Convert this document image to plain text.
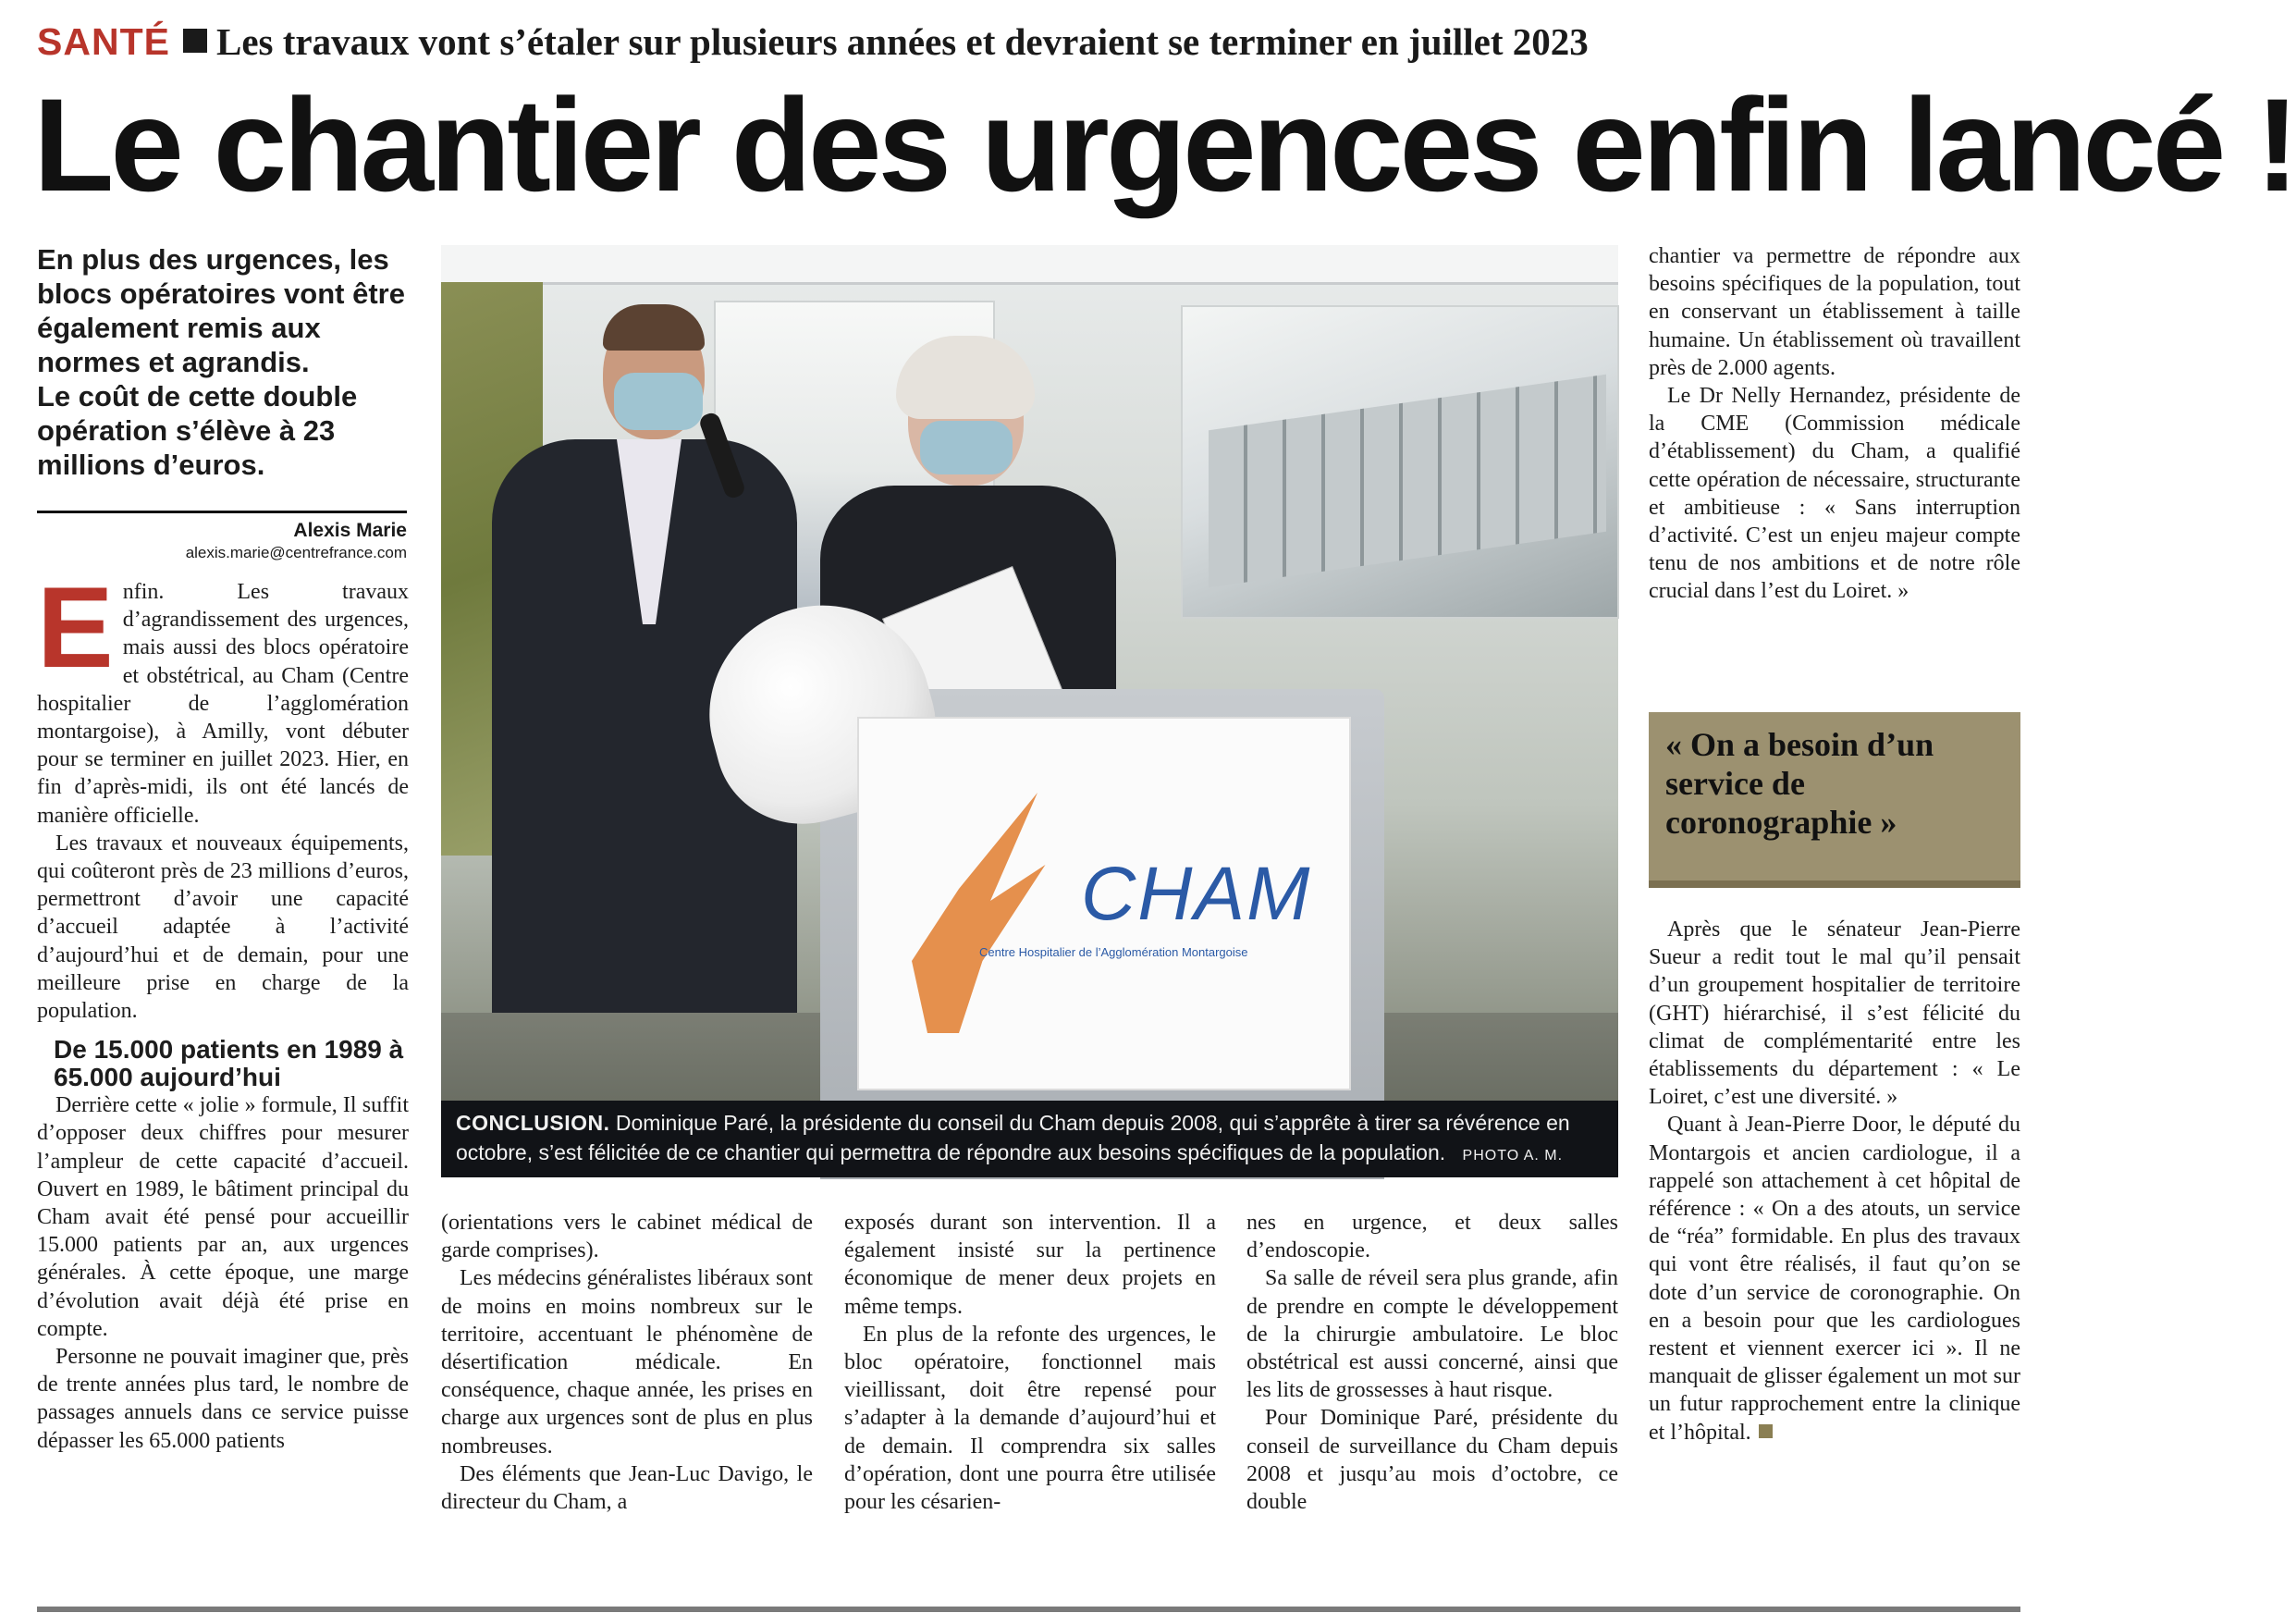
SANTÉ Les travaux vont s’étaler sur plusieurs années et devraient se terminer en juillet 2023
Le chantier des urgences enfin lancé !

En plus des urgences, les blocs opératoires vont être également remis aux normes et agrandis.

Le coût de cette double opération s’élève à 23 millions d’euros.

Alexis Marie
alexis.marie@centrefrance.com

Enfin. Les travaux d’agrandissement des urgences, mais aussi des blocs opératoire et obstétrical, au Cham (Centre hospitalier de l’agglomération montargoise), à Amilly, vont débuter pour se terminer en juillet 2023. Hier, en fin d’après-midi, ils ont été lancés de manière officielle.

Les travaux et nouveaux équipements, qui coûteront près de 23 millions d’euros, permettront d’avoir une capacité d’accueil adaptée à l’activité d’aujourd’hui et de demain, pour une meilleure prise en charge de la population.

De 15.000 patients en 1989 à 65.000 aujourd’hui

Derrière cette « jolie » formule, Il suffit d’opposer deux chiffres pour mesurer l’ampleur de cette capacité d’accueil. Ouvert en 1989, le bâtiment principal du Cham avait été pensé pour accueillir 15.000 patients par an, aux urgences générales. À cette époque, une marge d’évolution avait déjà été prise en compte.

Personne ne pouvait imaginer que, près de trente années plus tard, le nombre de passages annuels dans ce service puisse dépasser les 65.000 patients

CHAM
Centre Hospitalier de l’Agglomération Montargoise
CONCLUSION. Dominique Paré, la présidente du conseil du Cham depuis 2008, qui s’apprête à tirer sa révérence en octobre, s’est félicitée de ce chantier qui permettra de répondre aux besoins spécifiques de la population. PHOTO A. M.

(orientations vers le cabinet médical de garde comprises).

Les médecins généralistes libéraux sont de moins en moins nombreux sur le territoire, accentuant le phénomène de désertification médicale. En conséquence, chaque année, les prises en charge aux urgences sont de plus en plus nombreuses.

Des éléments que Jean-Luc Davigo, le directeur du Cham, a

exposés durant son intervention. Il a également insisté sur la pertinence économique de mener deux projets en même temps.

En plus de la refonte des urgences, le bloc opératoire, fonctionnel mais vieillissant, doit être repensé pour s’adapter à la demande d’aujourd’hui et de demain. Il comprendra six salles d’opération, dont une pourra être utilisée pour les césarien-

nes en urgence, et deux salles d’endoscopie.

Sa salle de réveil sera plus grande, afin de prendre en compte le développement de la chirurgie ambulatoire. Le bloc obstétrical est aussi concerné, ainsi que les lits de grossesses à haut risque.

Pour Dominique Paré, présidente du conseil de surveillance du Cham depuis 2008 et jusqu’au mois d’octobre, ce double

chantier va permettre de répondre aux besoins spécifiques de la population, tout en conservant un établissement à taille humaine. Un établissement où travaillent près de 2.000 agents.

Le Dr Nelly Hernandez, présidente de la CME (Commission médicale d’établissement) du Cham, a qualifié cette opération de nécessaire, structurante et ambitieuse : « Sans interruption d’activité. C’est un enjeu majeur compte tenu de nos ambitions et de notre rôle crucial dans l’est du Loiret. »

« On a besoin d’un service de coronographie »

Après que le sénateur Jean-Pierre Sueur a redit tout le mal qu’il pensait d’un groupement hospitalier de territoire (GHT) hiérarchisé, il s’est félicité du climat de complémentarité entre les établissements du département : « Le Loiret, c’est une diversité. »

Quant à Jean-Pierre Door, le député du Montargois et ancien cardiologue, il a rappelé son attachement à cet hôpital de référence : « On a des atouts, un service de “réa” formidable. En plus des travaux qui vont être réalisés, il faut qu’on se dote d’un service de coronographie. On en a besoin pour que les cardiologues restent et viennent exercer ici ». Il ne manquait de glisser également un mot sur un futur rapprochement entre la clinique et l’hôpital.
